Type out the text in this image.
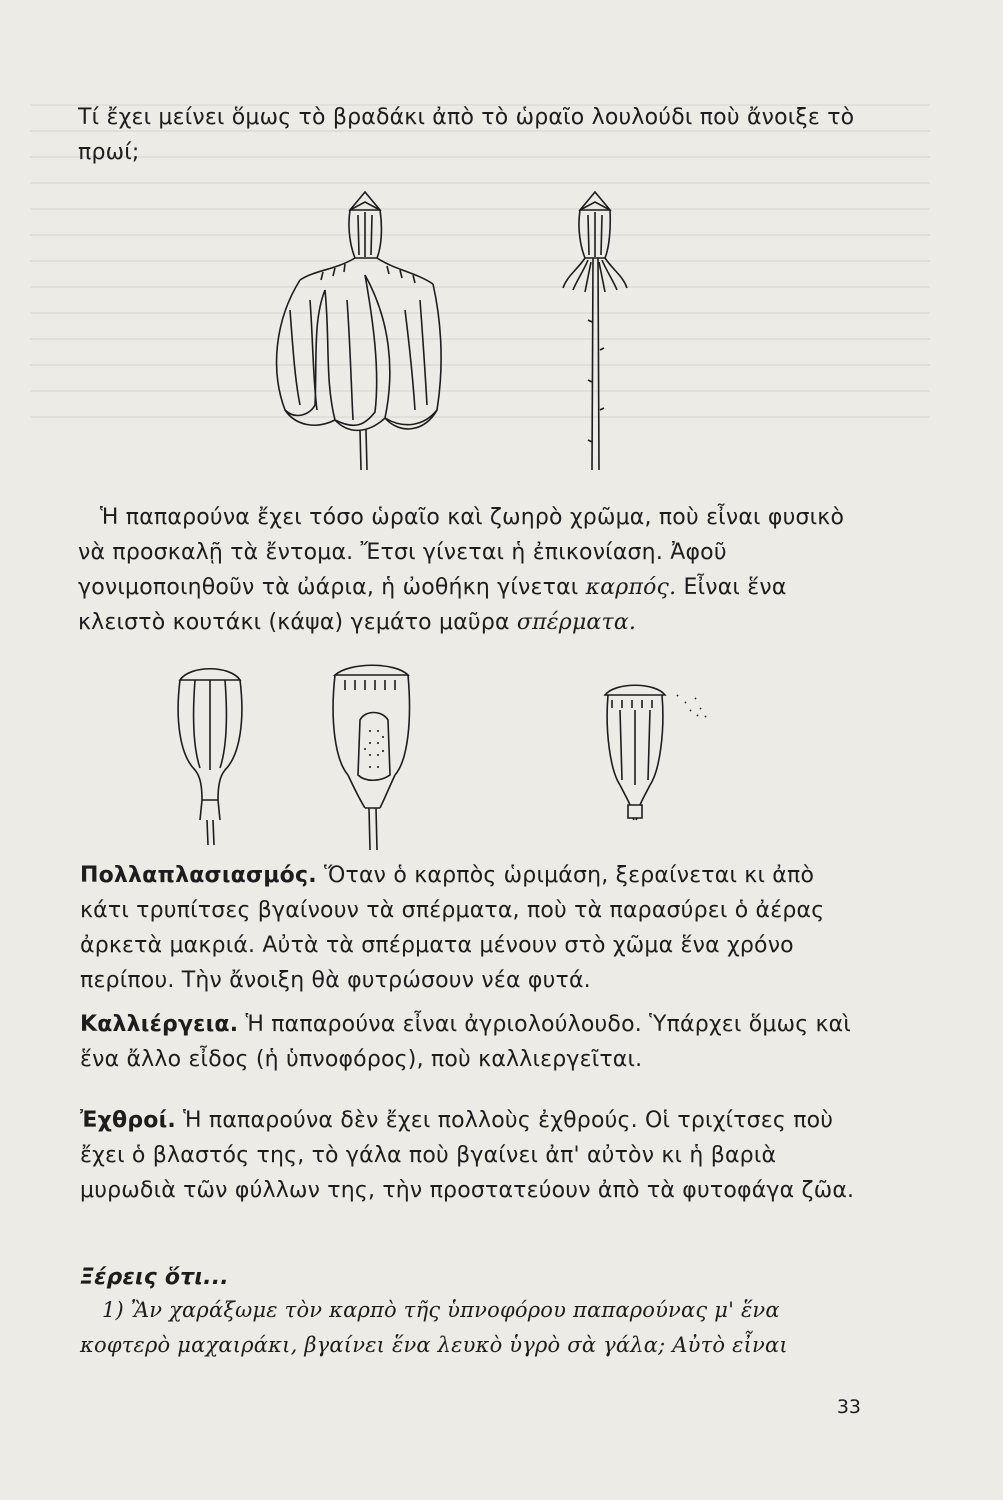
Τί ἔχει μείνει ὅμως τὸ βραδάκι ἀπὸ τὸ ὡραῖο λουλούδι ποὺ ἄνοιξε τὸ πρωί;
Ἡ παπαρούνα ἔχει τόσο ὡραῖο καὶ ζωηρὸ χρῶμα, ποὺ εἶναι φυσικὸ νὰ προσκαλῇ τὰ ἔντομα. Ἔτσι γίνεται ἡ ἐπικονίαση. Ἀφοῦ γονιμοποιηθοῦν τὰ ὠάρια, ἡ ὠοθήκη γίνεται καρπός. Εἶναι ἕνα κλειστὸ κουτάκι (κάψα) γεμάτο μαῦρα σπέρματα.
Πολλαπλασιασμός. Ὅταν ὁ καρπὸς ὡριμάση, ξεραίνεται κι ἀπὸ κάτι τρυπίτσες βγαίνουν τὰ σπέρματα, ποὺ τὰ παρασύρει ὁ ἀέρας ἀρκετὰ μακριά. Αὐτὰ τὰ σπέρματα μένουν στὸ χῶμα ἕνα χρόνο περίπου. Τὴν ἄνοιξη θὰ φυτρώσουν νέα φυτά.
Καλλιέργεια. Ἡ παπαρούνα εἶναι ἀγριολούλουδο. Ὑπάρχει ὅμως καὶ ἕνα ἄλλο εἶδος (ἡ ὑπνοφόρος), ποὺ καλλιεργεῖται.
Ἐχθροί. Ἡ παπαρούνα δὲν ἔχει πολλοὺς ἐχθρούς. Οἱ τριχίτσες ποὺ ἔχει ὁ βλαστός της, τὸ γάλα ποὺ βγαίνει ἀπ' αὐτὸν κι ἡ βαριὰ μυρωδιὰ τῶν φύλλων της, τὴν προστατεύουν ἀπὸ τὰ φυτοφάγα ζῶα.
Ξέρεις ὅτι...
1) Ἂν χαράξωμε τὸν καρπὸ τῆς ὑπνοφόρου παπαρούνας μ' ἕνα κοφτερὸ μαχαιράκι, βγαίνει ἕνα λευκὸ ὑγρὸ σὰ γάλα; Αὐτὸ εἶναι
33
